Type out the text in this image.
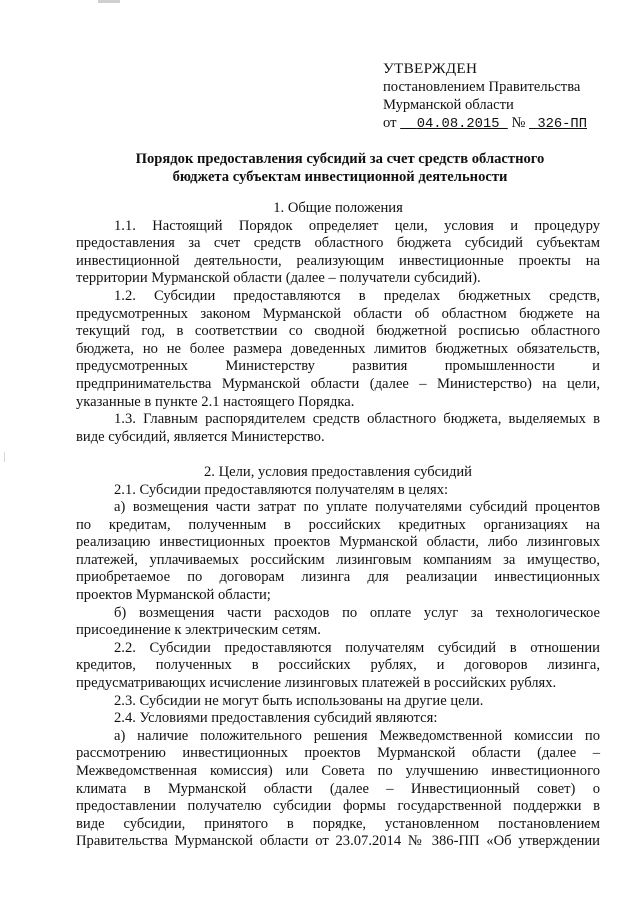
УТВЕРЖДЕН
постановлением Правительства
Мурманской области
от 04.08.2015 № 326-ПП
Порядок предоставления субсидий за счет средств областного
бюджета субъектам инвестиционной деятельности
1. Общие положения
1.1. Настоящий Порядок определяет цели, условия и процедуру
предоставления за счет средств областного бюджета субсидий субъектам
инвестиционной деятельности, реализующим инвестиционные проекты на
территории Мурманской области (далее – получатели субсидий).
1.2. Субсидии предоставляются в пределах бюджетных средств,
предусмотренных законом Мурманской области об областном бюджете на
текущий год, в соответствии со сводной бюджетной росписью областного
бюджета, но не более размера доведенных лимитов бюджетных обязательств,
предусмотренных Министерству развития промышленности и
предпринимательства Мурманской области (далее – Министерство) на цели,
указанные в пункте 2.1 настоящего Порядка.
1.3. Главным распорядителем средств областного бюджета, выделяемых в
виде субсидий, является Министерство.
2. Цели, условия предоставления субсидий
2.1. Субсидии предоставляются получателям в целях:
а) возмещения части затрат по уплате получателями субсидий процентов
по кредитам, полученным в российских кредитных организациях на
реализацию инвестиционных проектов Мурманской области, либо лизинговых
платежей, уплачиваемых российским лизинговым компаниям за имущество,
приобретаемое по договорам лизинга для реализации инвестиционных
проектов Мурманской области;
б) возмещения части расходов по оплате услуг за технологическое
присоединение к электрическим сетям.
2.2. Субсидии предоставляются получателям субсидий в отношении
кредитов, полученных в российских рублях, и договоров лизинга,
предусматривающих исчисление лизинговых платежей в российских рублях.
2.3. Субсидии не могут быть использованы на другие цели.
2.4. Условиями предоставления субсидий являются:
а) наличие положительного решения Межведомственной комиссии по
рассмотрению инвестиционных проектов Мурманской области (далее –
Межведомственная комиссия) или Совета по улучшению инвестиционного
климата в Мурманской области (далее – Инвестиционный совет) о
предоставлении получателю субсидии формы государственной поддержки в
виде субсидии, принятого в порядке, установленном постановлением
Правительства Мурманской области от 23.07.2014 № 386-ПП «Об утверждении
